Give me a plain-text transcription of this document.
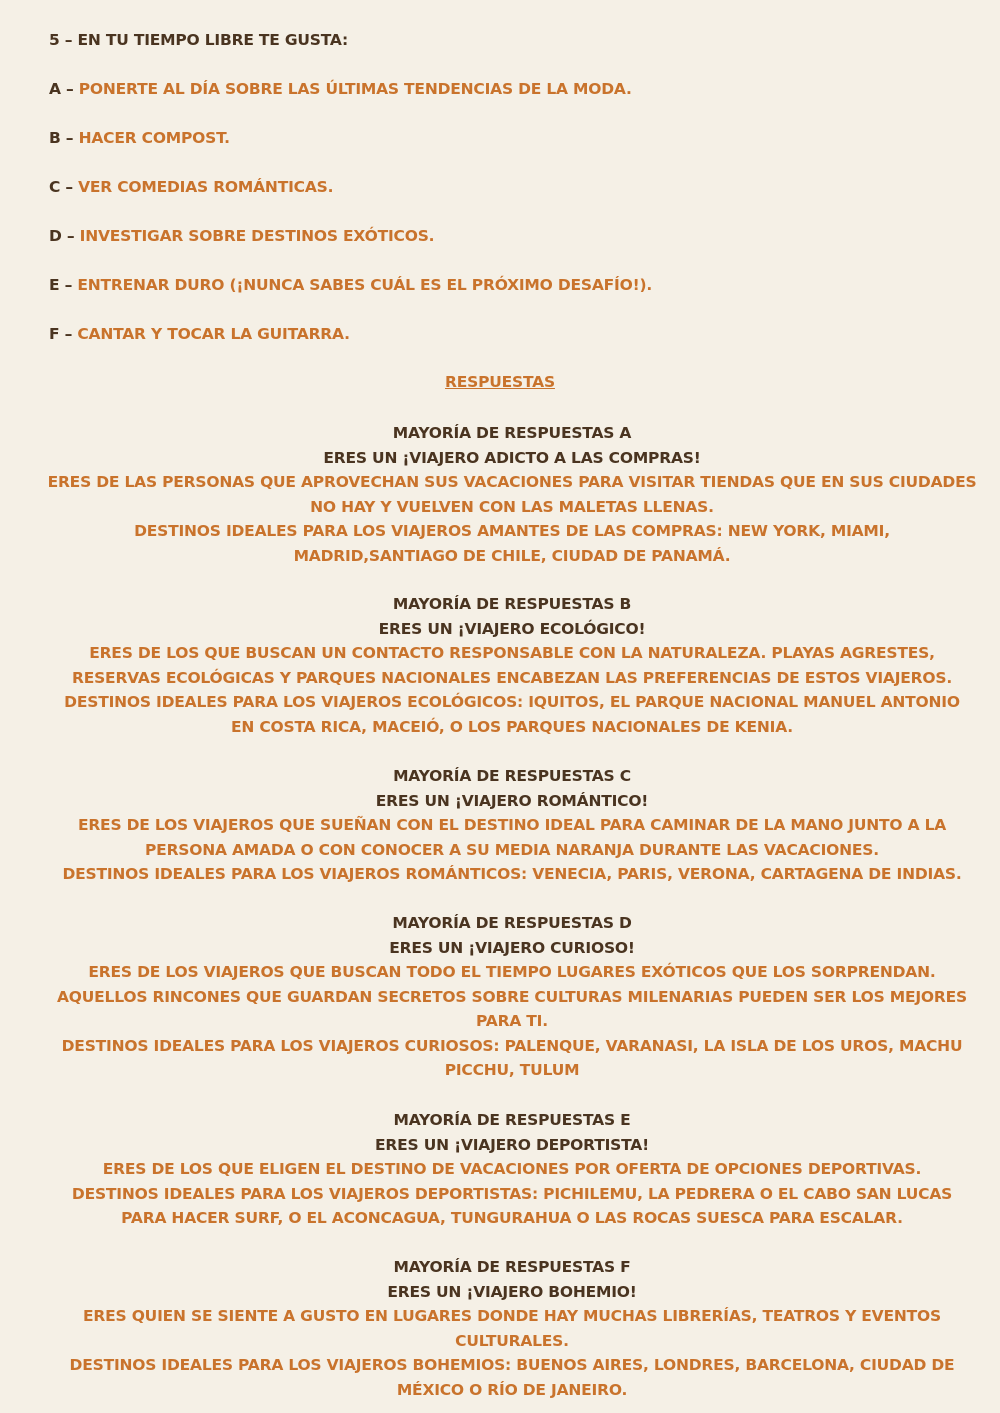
5 – EN TU TIEMPO LIBRE TE GUSTA:
A – PONERTE AL DÍA SOBRE LAS ÚLTIMAS TENDENCIAS DE LA MODA.
B – HACER COMPOST.
C – VER COMEDIAS ROMÁNTICAS.
D – INVESTIGAR SOBRE DESTINOS EXÓTICOS.
E – ENTRENAR DURO (¡NUNCA SABES CUÁL ES EL PRÓXIMO DESAFÍO!).
F – CANTAR Y TOCAR LA GUITARRA.
RESPUESTAS
MAYORÍA DE RESPUESTAS A
ERES UN ¡VIAJERO ADICTO A LAS COMPRAS!
ERES DE LAS PERSONAS QUE APROVECHAN SUS VACACIONES PARA VISITAR TIENDAS QUE EN SUS CIUDADES
NO HAY Y VUELVEN CON LAS MALETAS LLENAS.
DESTINOS IDEALES PARA LOS VIAJEROS AMANTES DE LAS COMPRAS: NEW YORK, MIAMI,
MADRID,SANTIAGO DE CHILE, CIUDAD DE PANAMÁ.
MAYORÍA DE RESPUESTAS B
ERES UN ¡VIAJERO ECOLÓGICO!
ERES DE LOS QUE BUSCAN UN CONTACTO RESPONSABLE CON LA NATURALEZA. PLAYAS AGRESTES,
RESERVAS ECOLÓGICAS Y PARQUES NACIONALES ENCABEZAN LAS PREFERENCIAS DE ESTOS VIAJEROS.
DESTINOS IDEALES PARA LOS VIAJEROS ECOLÓGICOS: IQUITOS, EL PARQUE NACIONAL MANUEL ANTONIO
EN COSTA RICA, MACEIÓ, O LOS PARQUES NACIONALES DE KENIA.
MAYORÍA DE RESPUESTAS C
ERES UN ¡VIAJERO ROMÁNTICO!
ERES DE LOS VIAJEROS QUE SUEÑAN CON EL DESTINO IDEAL PARA CAMINAR DE LA MANO JUNTO A LA
PERSONA AMADA O CON CONOCER A SU MEDIA NARANJA DURANTE LAS VACACIONES.
DESTINOS IDEALES PARA LOS VIAJEROS ROMÁNTICOS: VENECIA, PARIS, VERONA, CARTAGENA DE INDIAS.
MAYORÍA DE RESPUESTAS D
ERES UN ¡VIAJERO CURIOSO!
ERES DE LOS VIAJEROS QUE BUSCAN TODO EL TIEMPO LUGARES EXÓTICOS QUE LOS SORPRENDAN.
AQUELLOS RINCONES QUE GUARDAN SECRETOS SOBRE CULTURAS MILENARIAS PUEDEN SER LOS MEJORES
PARA TI.
DESTINOS IDEALES PARA LOS VIAJEROS CURIOSOS: PALENQUE, VARANASI, LA ISLA DE LOS UROS, MACHU
PICCHU, TULUM
MAYORÍA DE RESPUESTAS E
ERES UN ¡VIAJERO DEPORTISTA!
ERES DE LOS QUE ELIGEN EL DESTINO DE VACACIONES POR OFERTA DE OPCIONES DEPORTIVAS.
DESTINOS IDEALES PARA LOS VIAJEROS DEPORTISTAS: PICHILEMU, LA PEDRERA O EL CABO SAN LUCAS
PARA HACER SURF, O EL ACONCAGUA, TUNGURAHUA O LAS ROCAS SUESCA PARA ESCALAR.
MAYORÍA DE RESPUESTAS F
ERES UN ¡VIAJERO BOHEMIO!
ERES QUIEN SE SIENTE A GUSTO EN LUGARES DONDE HAY MUCHAS LIBRERÍAS, TEATROS Y EVENTOS
CULTURALES.
DESTINOS IDEALES PARA LOS VIAJEROS BOHEMIOS: BUENOS AIRES, LONDRES, BARCELONA, CIUDAD DE
MÉXICO O RÍO DE JANEIRO.
